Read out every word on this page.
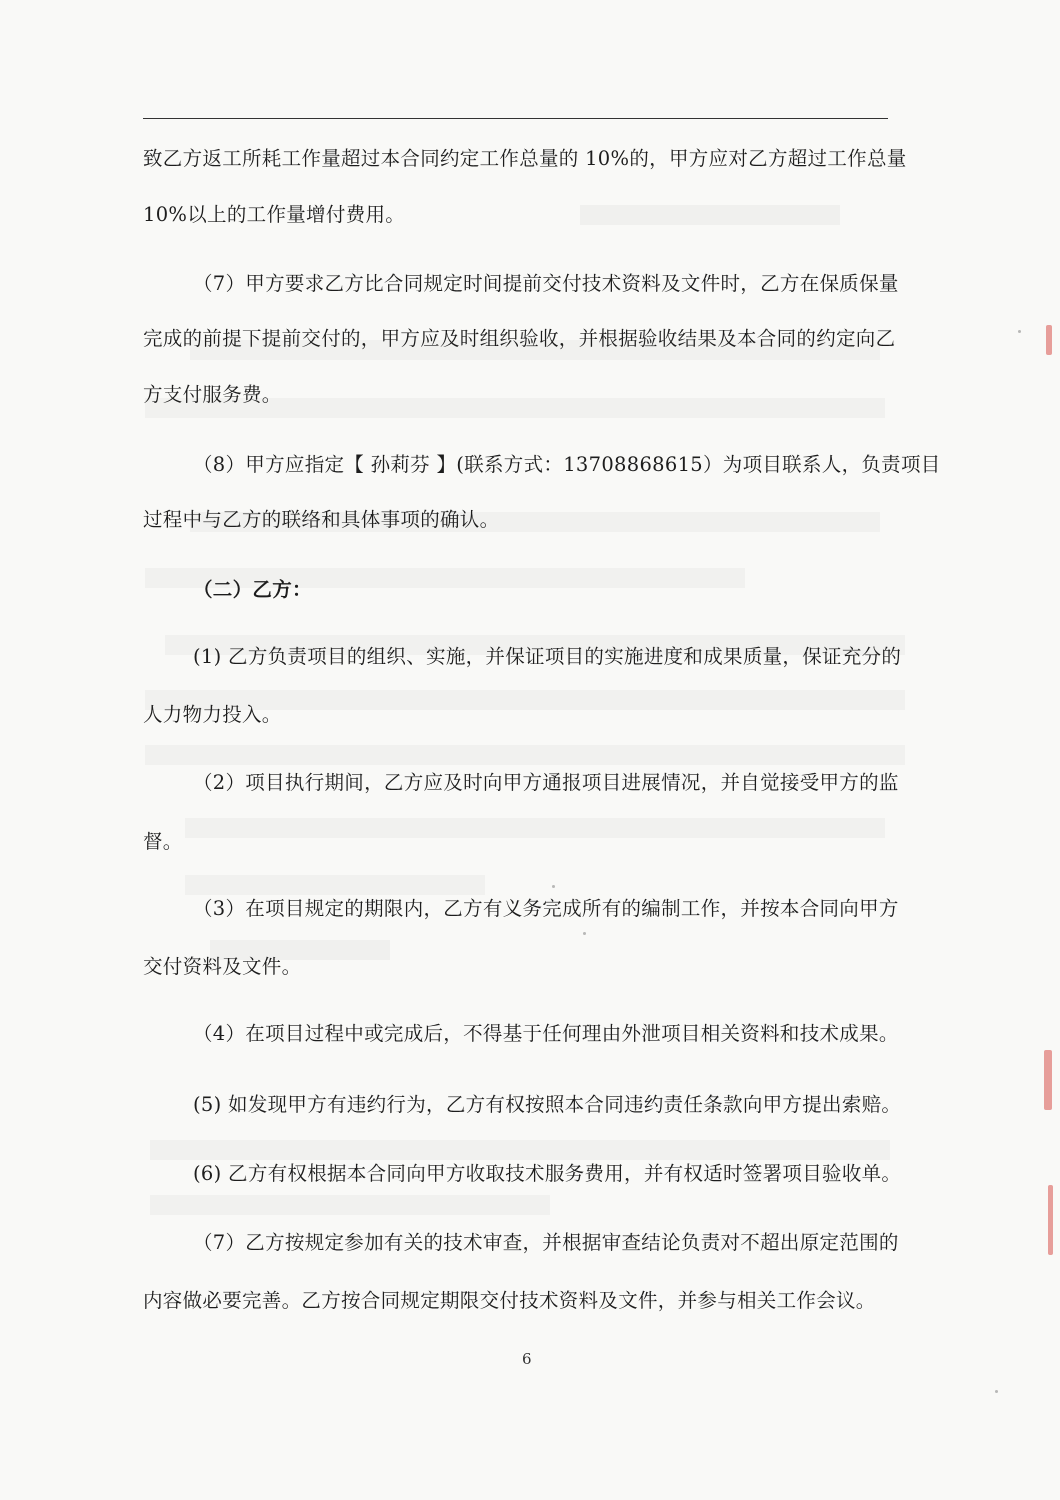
致乙方返工所耗工作量超过本合同约定工作总量的 10%的，甲方应对乙方超过工作总量
10%以上的工作量增付费用。
（7）甲方要求乙方比合同规定时间提前交付技术资料及文件时，乙方在保质保量
完成的前提下提前交付的，甲方应及时组织验收，并根据验收结果及本合同的约定向乙
方支付服务费。
（8）甲方应指定【 孙莉芬 】(联系方式：13708868615）为项目联系人，负责项目
过程中与乙方的联络和具体事项的确认。
（二）乙方：
(1) 乙方负责项目的组织、实施，并保证项目的实施进度和成果质量，保证充分的
人力物力投入。
（2）项目执行期间，乙方应及时向甲方通报项目进展情况，并自觉接受甲方的监
督。
（3）在项目规定的期限内，乙方有义务完成所有的编制工作，并按本合同向甲方
交付资料及文件。
（4）在项目过程中或完成后，不得基于任何理由外泄项目相关资料和技术成果。
(5) 如发现甲方有违约行为，乙方有权按照本合同违约责任条款向甲方提出索赔。
(6) 乙方有权根据本合同向甲方收取技术服务费用，并有权适时签署项目验收单。
（7）乙方按规定参加有关的技术审查，并根据审查结论负责对不超出原定范围的
内容做必要完善。乙方按合同规定期限交付技术资料及文件，并参与相关工作会议。
6
